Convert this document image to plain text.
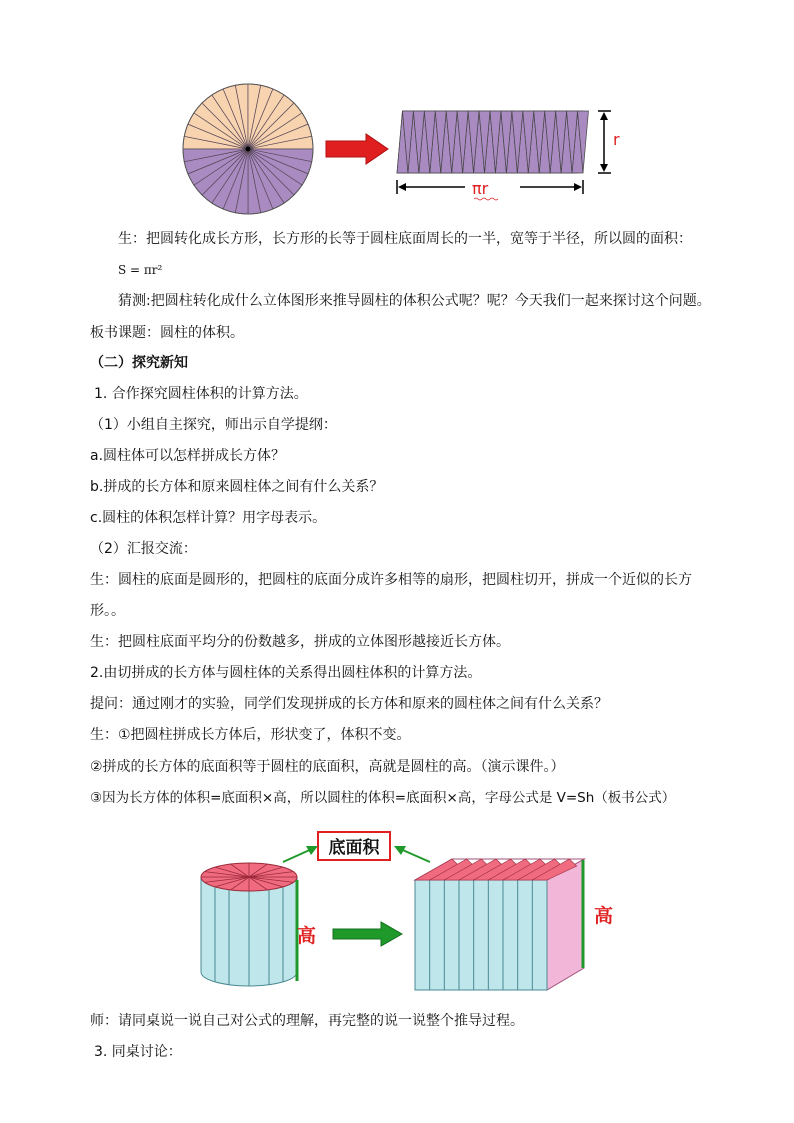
r
πr
生：把圆转化成长方形，长方形的长等于圆柱底面周长的一半，宽等于半径，所以圆的面积：
S = πr²
猜测:把圆柱转化成什么立体图形来推导圆柱的体积公式呢？呢？今天我们一起来探讨这个问题。
板书课题：圆柱的体积。
（二）探究新知
1. 合作探究圆柱体积的计算方法。
（1）小组自主探究，师出示自学提纲：
a.圆柱体可以怎样拼成长方体？
b.拼成的长方体和原来圆柱体之间有什么关系？
c.圆柱的体积怎样计算？用字母表示。
（2）汇报交流：
生：圆柱的底面是圆形的，把圆柱的底面分成许多相等的扇形，把圆柱切开，拼成一个近似的长方
形。。
生：把圆柱底面平均分的份数越多，拼成的立体图形越接近长方体。
2.由切拼成的长方体与圆柱体的关系得出圆柱体积的计算方法。
提问：通过刚才的实验，同学们发现拼成的长方体和原来的圆柱体之间有什么关系？
生：①把圆柱拼成长方体后，形状变了，体积不变。
②拼成的长方体的底面积等于圆柱的底面积，高就是圆柱的高。（演示课件。）
③因为长方体的体积=底面积×高，所以圆柱的体积=底面积×高，字母公式是 V=Sh（板书公式）
底面积
高
高
师：请同桌说一说自己对公式的理解，再完整的说一说整个推导过程。
3. 同桌讨论：
